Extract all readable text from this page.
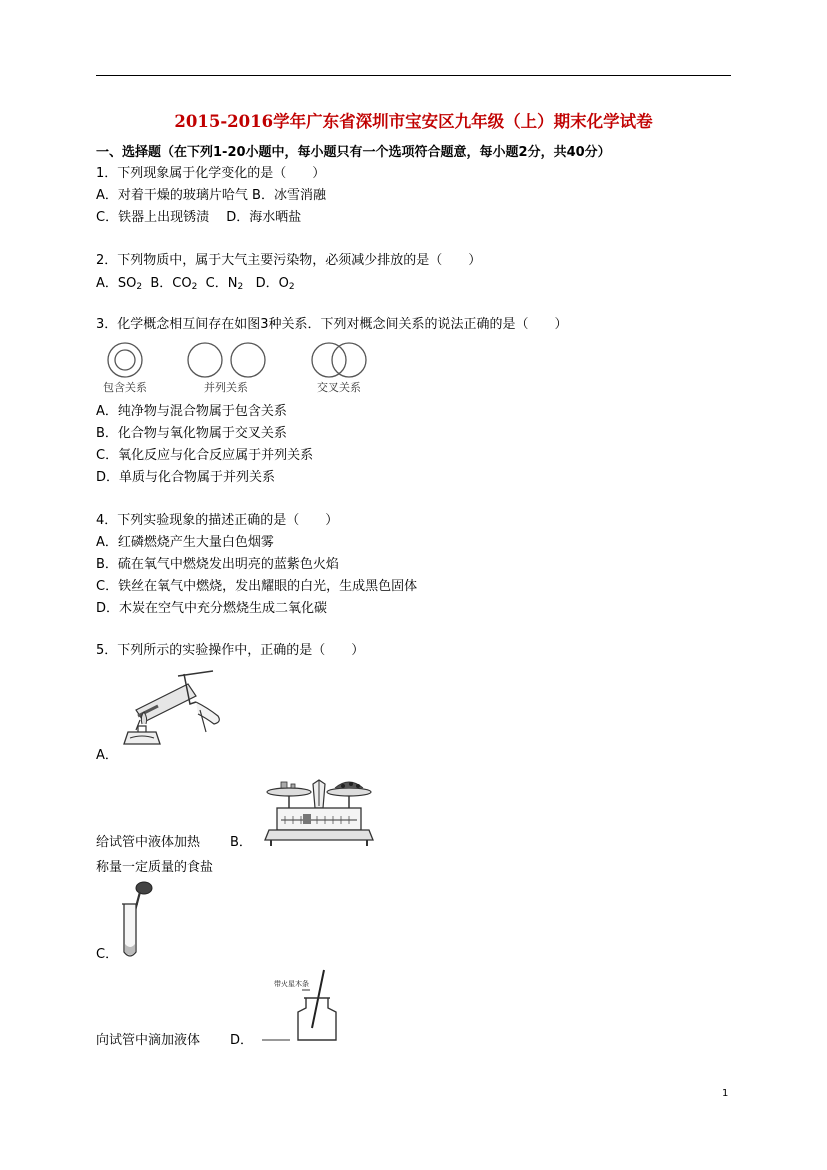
2015-2016学年广东省深圳市宝安区九年级（上）期末化学试卷
一、选择题（在下列1-20小题中，每小题只有一个选项符合题意，每小题2分，共40分）
1．下列现象属于化学变化的是（　　）
A．对着干燥的玻璃片哈气 B．冰雪消融
C．铁器上出现锈渍　 D．海水晒盐
2．下列物质中，属于大气主要污染物，必须减少排放的是（　　）
A．$SO_2$ B．$CO_2$ C．$N_2$ D．$O_2$
3．化学概念相互间存在如图3种关系．下列对概念间关系的说法正确的是（　　）
包含关系	并列关系	交叉关系
A．纯净物与混合物属于包含关系
B．化合物与氧化物属于交叉关系
C．氧化反应与化合反应属于并列关系
D．单质与化合物属于并列关系
4．下列实验现象的描述正确的是（　　）
A．红磷燃烧产生大量白色烟雾
B．硫在氧气中燃烧发出明亮的蓝紫色火焰
C．铁丝在氧气中燃烧，发出耀眼的白光，生成黑色固体
D．木炭在空气中充分燃烧生成二氧化碳
5．下列所示的实验操作中，正确的是（　　）
A．
给试管中液体加热 B．
称量一定质量的食盐
C．
带火星木条
向试管中滴加液体 D．
1
